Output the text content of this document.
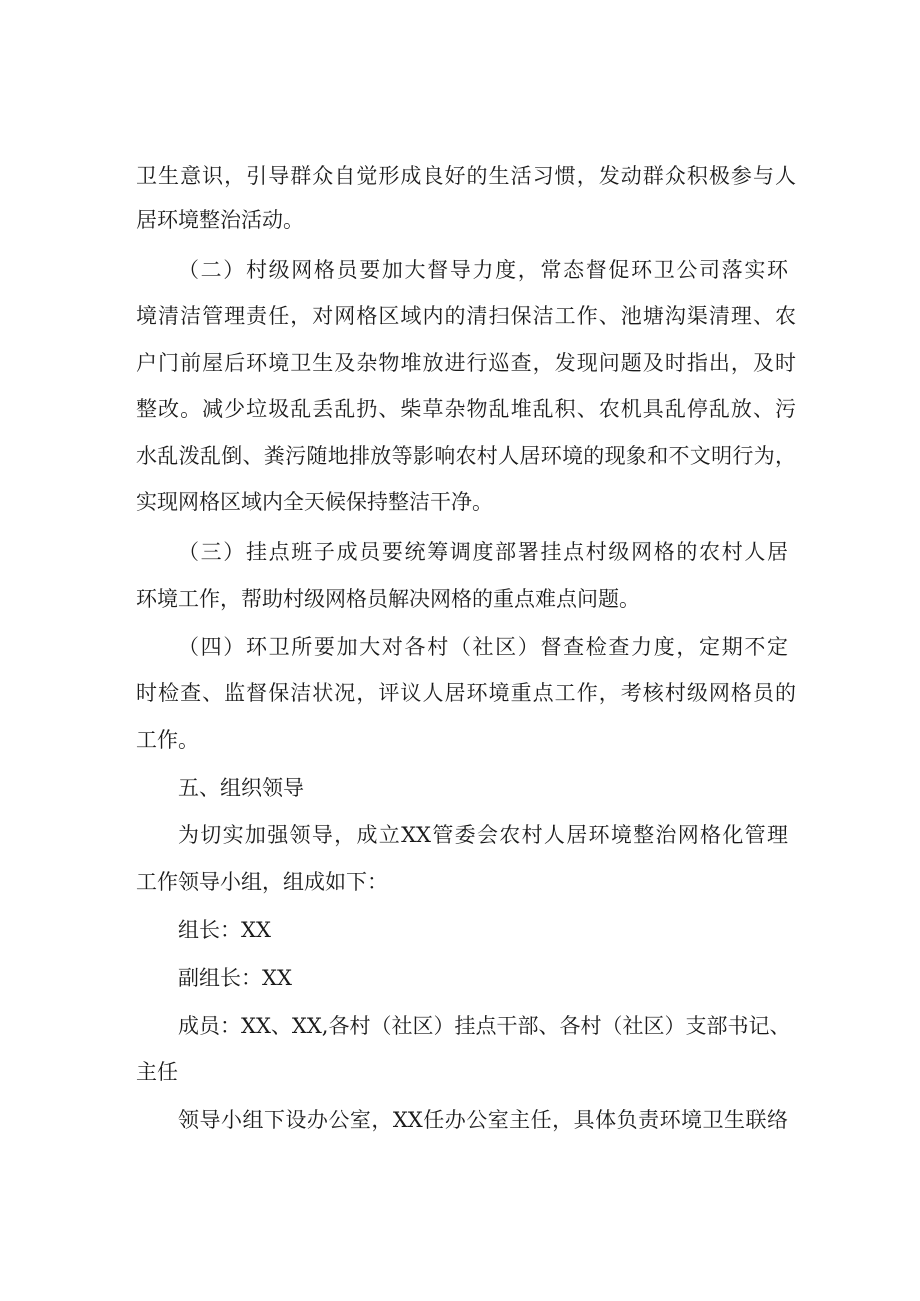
卫生意识，引导群众自觉形成良好的生活习惯，发动群众积极参与人
居环境整治活动。
（二）村级网格员要加大督导力度，常态督促环卫公司落实环
境清洁管理责任，对网格区域内的清扫保洁工作、池塘沟渠清理、农
户门前屋后环境卫生及杂物堆放进行巡查，发现问题及时指出，及时
整改。减少垃圾乱丢乱扔、柴草杂物乱堆乱积、农机具乱停乱放、污
水乱泼乱倒、粪污随地排放等影响农村人居环境的现象和不文明行为，
实现网格区域内全天候保持整洁干净。
（三）挂点班子成员要统筹调度部署挂点村级网格的农村人居
环境工作，帮助村级网格员解决网格的重点难点问题。
（四）环卫所要加大对各村（社区）督查检查力度，定期不定
时检查、监督保洁状况，评议人居环境重点工作，考核村级网格员的
工作。
五、组织领导
为切实加强领导，成立XX管委会农村人居环境整治网格化管理
工作领导小组，组成如下：
组长：XX
副组长：XX
成员：XX、XX,各村（社区）挂点干部、各村（社区）支部书记、
主任
领导小组下设办公室，XX任办公室主任，具体负责环境卫生联络
